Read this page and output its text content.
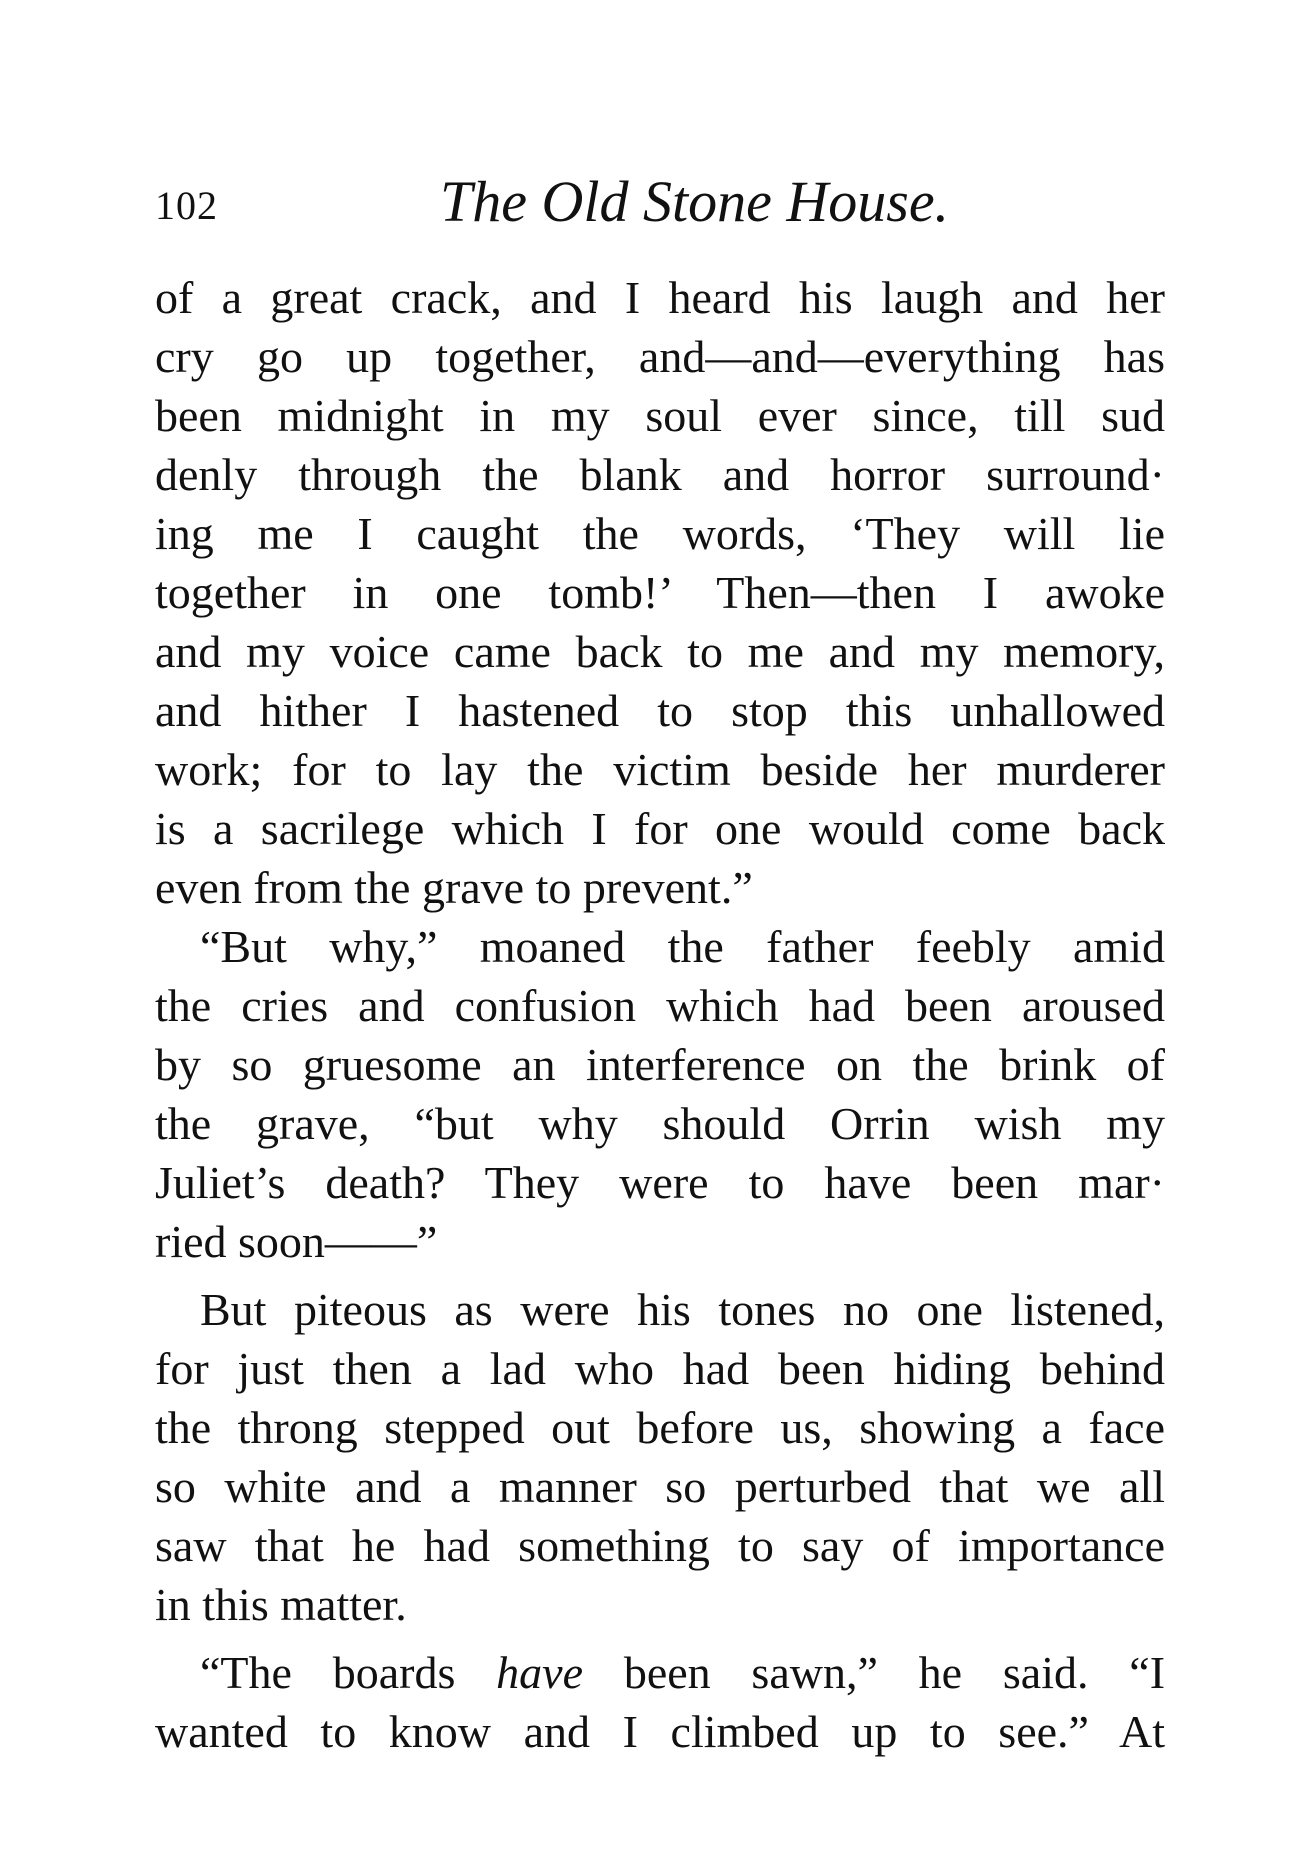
102	The Old Stone House.
of a great crack, and I heard his laugh and her
cry go up together, and—and—everything has
been midnight in my soul ever since, till sud
denly through the blank and horror surround·
ing me I caught the words, ‘They will lie
together in one tomb!’ Then—then I awoke
and my voice came back to me and my memory,
and hither I hastened to stop this unhallowed
work; for to lay the victim beside her murderer
is a sacrilege which I for one would come back
even from the grave to prevent.”
“But why,” moaned the father feebly amid
the cries and confusion which had been aroused
by so gruesome an interference on the brink of
the grave, “but why should Orrin wish my
Juliet’s death? They were to have been mar·
ried soon——”
But piteous as were his tones no one listened,
for just then a lad who had been hiding behind
the throng stepped out before us, showing a face
so white and a manner so perturbed that we all
saw that he had something to say of importance
in this matter.
“The boards have been sawn,” he said. “I
wanted to know and I climbed up to see.” At
